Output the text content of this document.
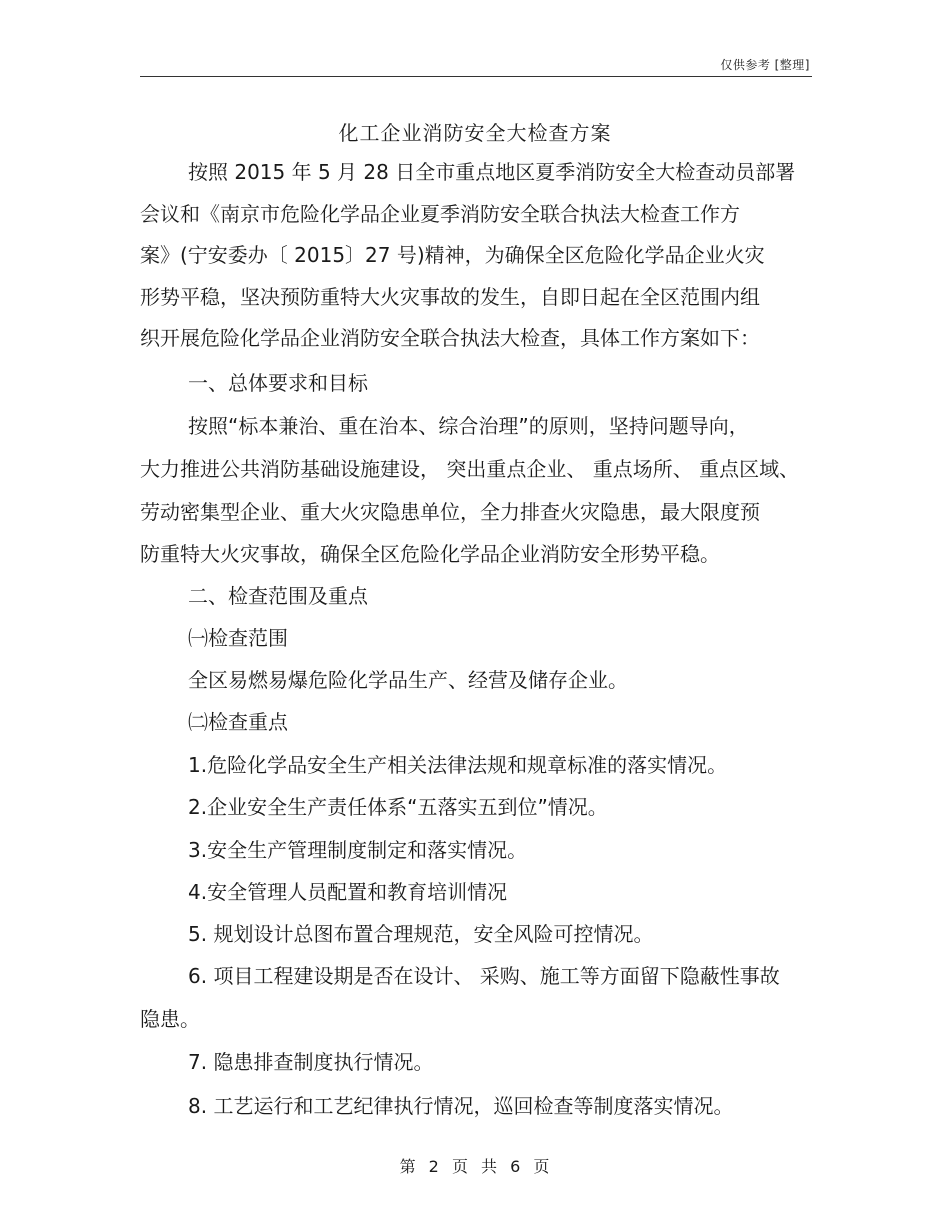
仅供参考 [整理]
化工企业消防安全大检查方案
按照 2015 年 5 月 28 日全市重点地区夏季消防安全大检查动员部署
会议和《南京市危险化学品企业夏季消防安全联合执法大检查工作方
案》(宁安委办〔 2015〕27 号)精神，为确保全区危险化学品企业火灾
形势平稳，坚决预防重特大火灾事故的发生，自即日起在全区范围内组
织开展危险化学品企业消防安全联合执法大检查，具体工作方案如下：
一、总体要求和目标
按照“标本兼治、重在治本、综合治理”的原则，坚持问题导向，
大力推进公共消防基础设施建设， 突出重点企业、 重点场所、 重点区域、
劳动密集型企业、重大火灾隐患单位，全力排查火灾隐患，最大限度预
防重特大火灾事故，确保全区危险化学品企业消防安全形势平稳。
二、检查范围及重点
㈠检查范围
全区易燃易爆危险化学品生产、经营及储存企业。
㈡检查重点
1.危险化学品安全生产相关法律法规和规章标准的落实情况。
2.企业安全生产责任体系“五落实五到位”情况。
3.安全生产管理制度制定和落实情况。
4.安全管理人员配置和教育培训情况
5. 规划设计总图布置合理规范，安全风险可控情况。
6. 项目工程建设期是否在设计、 采购、施工等方面留下隐蔽性事故
隐患。
7. 隐患排查制度执行情况。
8. 工艺运行和工艺纪律执行情况，巡回检查等制度落实情况。
第 2 页 共 6 页
